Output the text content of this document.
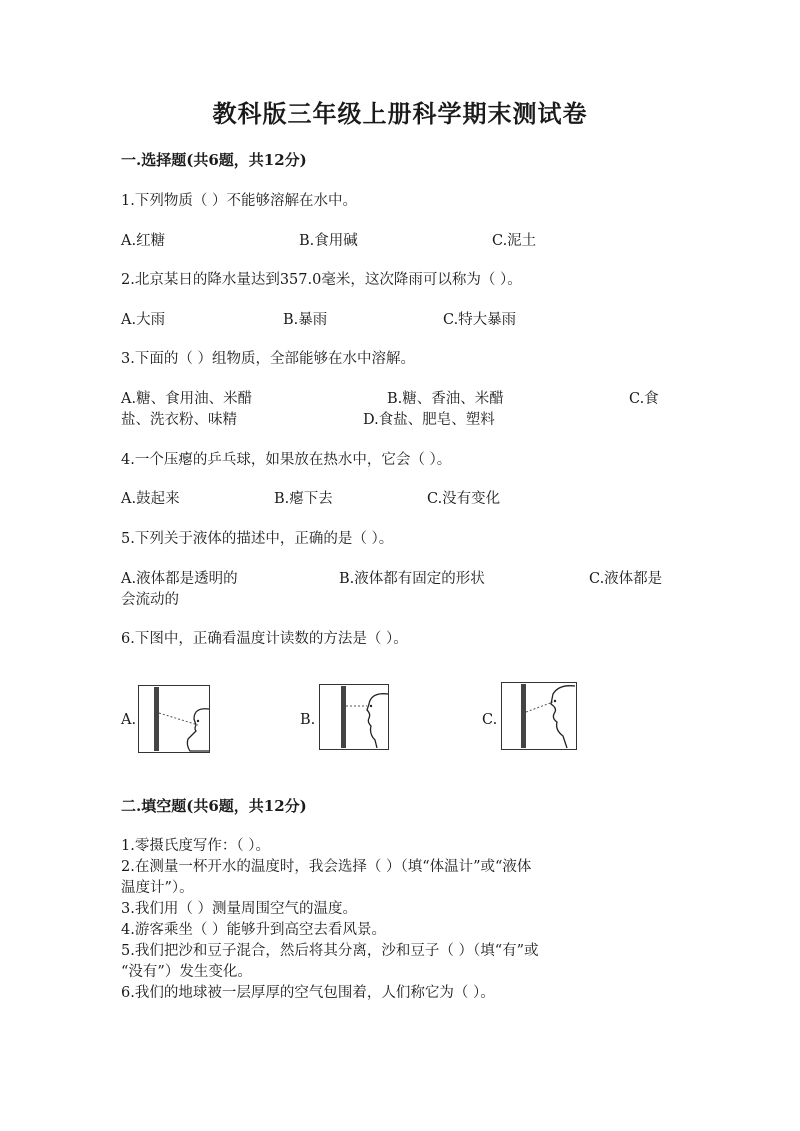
教科版三年级上册科学期末测试卷
一.选择题(共6题，共12分)
1.下列物质（ ）不能够溶解在水中。
A.红糖	B.食用碱	C.泥土
2.北京某日的降水量达到357.0毫米，这次降雨可以称为（ ）。
A.大雨	B.暴雨	C.特大暴雨
3.下面的（ ）组物质，全部能够在水中溶解。
A.糖、食用油、米醋	B.糖、香油、米醋	C.食
盐、洗衣粉、味精	D.食盐、肥皂、塑料
4.一个压瘪的乒乓球，如果放在热水中，它会（ ）。
A.鼓起来	B.瘪下去	C.没有变化
5.下列关于液体的描述中，正确的是（ ）。
A.液体都是透明的	B.液体都有固定的形状	C.液体都是
会流动的
6.下图中，正确看温度计读数的方法是（ ）。
A.	B.	C.
二.填空题(共6题，共12分)
1.零摄氏度写作：（ ）。
2.在测量一杯开水的温度时，我会选择（ ）（填“体温计”或“液体
温度计”）。
3.我们用（ ）测量周围空气的温度。
4.游客乘坐（ ）能够升到高空去看风景。
5.我们把沙和豆子混合，然后将其分离，沙和豆子（ ）（填“有”或
“没有”）发生变化。
6.我们的地球被一层厚厚的空气包围着，人们称它为（ ）。
